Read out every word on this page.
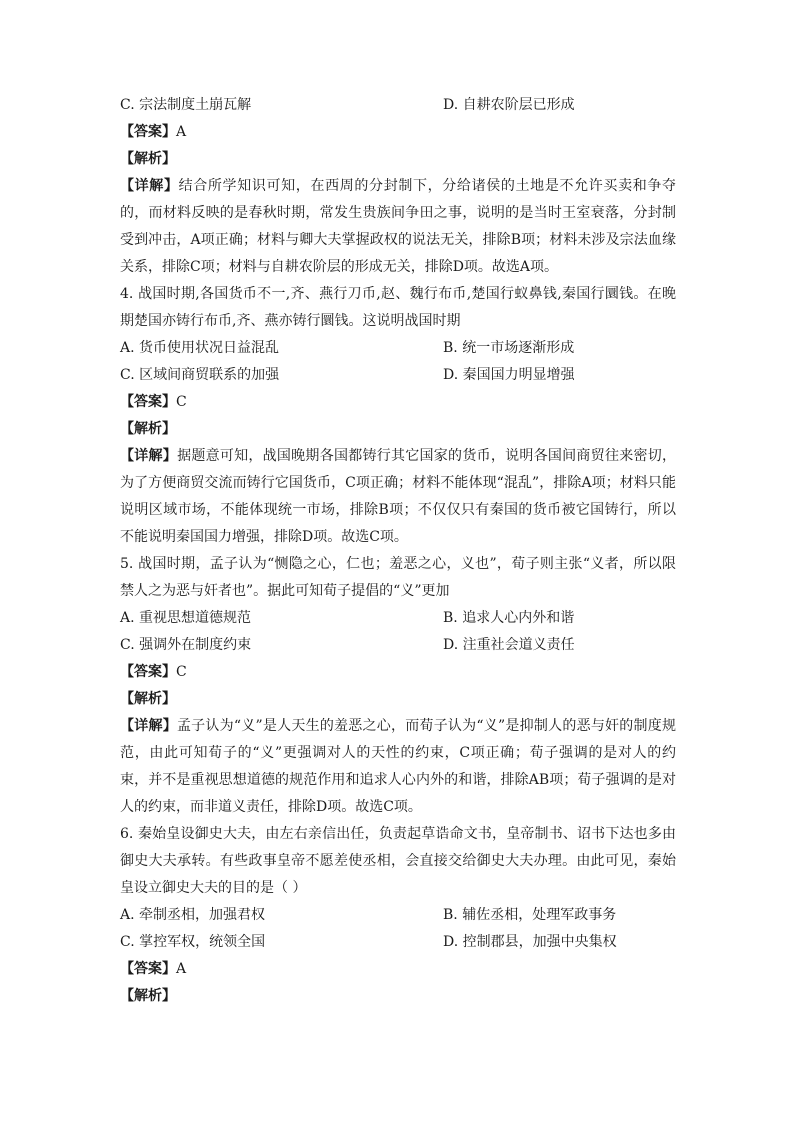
C. 宗法制度土崩瓦解	D. 自耕农阶层已形成
【答案】A
【解析】
【详解】结合所学知识可知，在西周的分封制下，分给诸侯的土地是不允许买卖和争夺的，而材料反映的是春秋时期，常发生贵族间争田之事，说明的是当时王室衰落，分封制受到冲击，A项正确；材料与卿大夫掌握政权的说法无关，排除B项；材料未涉及宗法血缘关系，排除C项；材料与自耕农阶层的形成无关，排除D项。故选A项。
4. 战国时期,各国货币不一,齐、燕行刀币,赵、魏行布币,楚国行蚁鼻钱,秦国行圜钱。在晚期楚国亦铸行布币,齐、燕亦铸行圜钱。这说明战国时期
A. 货币使用状况日益混乱	B. 统一市场逐渐形成
C. 区域间商贸联系的加强	D. 秦国国力明显增强
【答案】C
【解析】
【详解】据题意可知，战国晚期各国都铸行其它国家的货币，说明各国间商贸往来密切，为了方便商贸交流而铸行它国货币，C项正确；材料不能体现“混乱”，排除A项；材料只能说明区域市场，不能体现统一市场，排除B项；不仅仅只有秦国的货币被它国铸行，所以不能说明秦国国力增强，排除D项。故选C项。
5. 战国时期，孟子认为“恻隐之心，仁也；羞恶之心，义也”，荀子则主张“义者，所以限禁人之为恶与奸者也”。据此可知荀子提倡的“义”更加
A. 重视思想道德规范	B. 追求人心内外和谐
C. 强调外在制度约束	D. 注重社会道义责任
【答案】C
【解析】
【详解】孟子认为“义”是人天生的羞恶之心，而荀子认为“义”是抑制人的恶与奸的制度规范，由此可知荀子的“义”更强调对人的天性的约束，C项正确；荀子强调的是对人的约束，并不是重视思想道德的规范作用和追求人心内外的和谐，排除AB项；荀子强调的是对人的约束，而非道义责任，排除D项。故选C项。
6. 秦始皇设御史大夫，由左右亲信出任，负责起草诰命文书，皇帝制书、诏书下达也多由御史大夫承转。有些政事皇帝不愿差使丞相，会直接交给御史大夫办理。由此可见，秦始皇设立御史大夫的目的是（ ）
A. 牵制丞相，加强君权	B. 辅佐丞相，处理军政事务
C. 掌控军权，统领全国	D. 控制郡县，加强中央集权
【答案】A
【解析】
